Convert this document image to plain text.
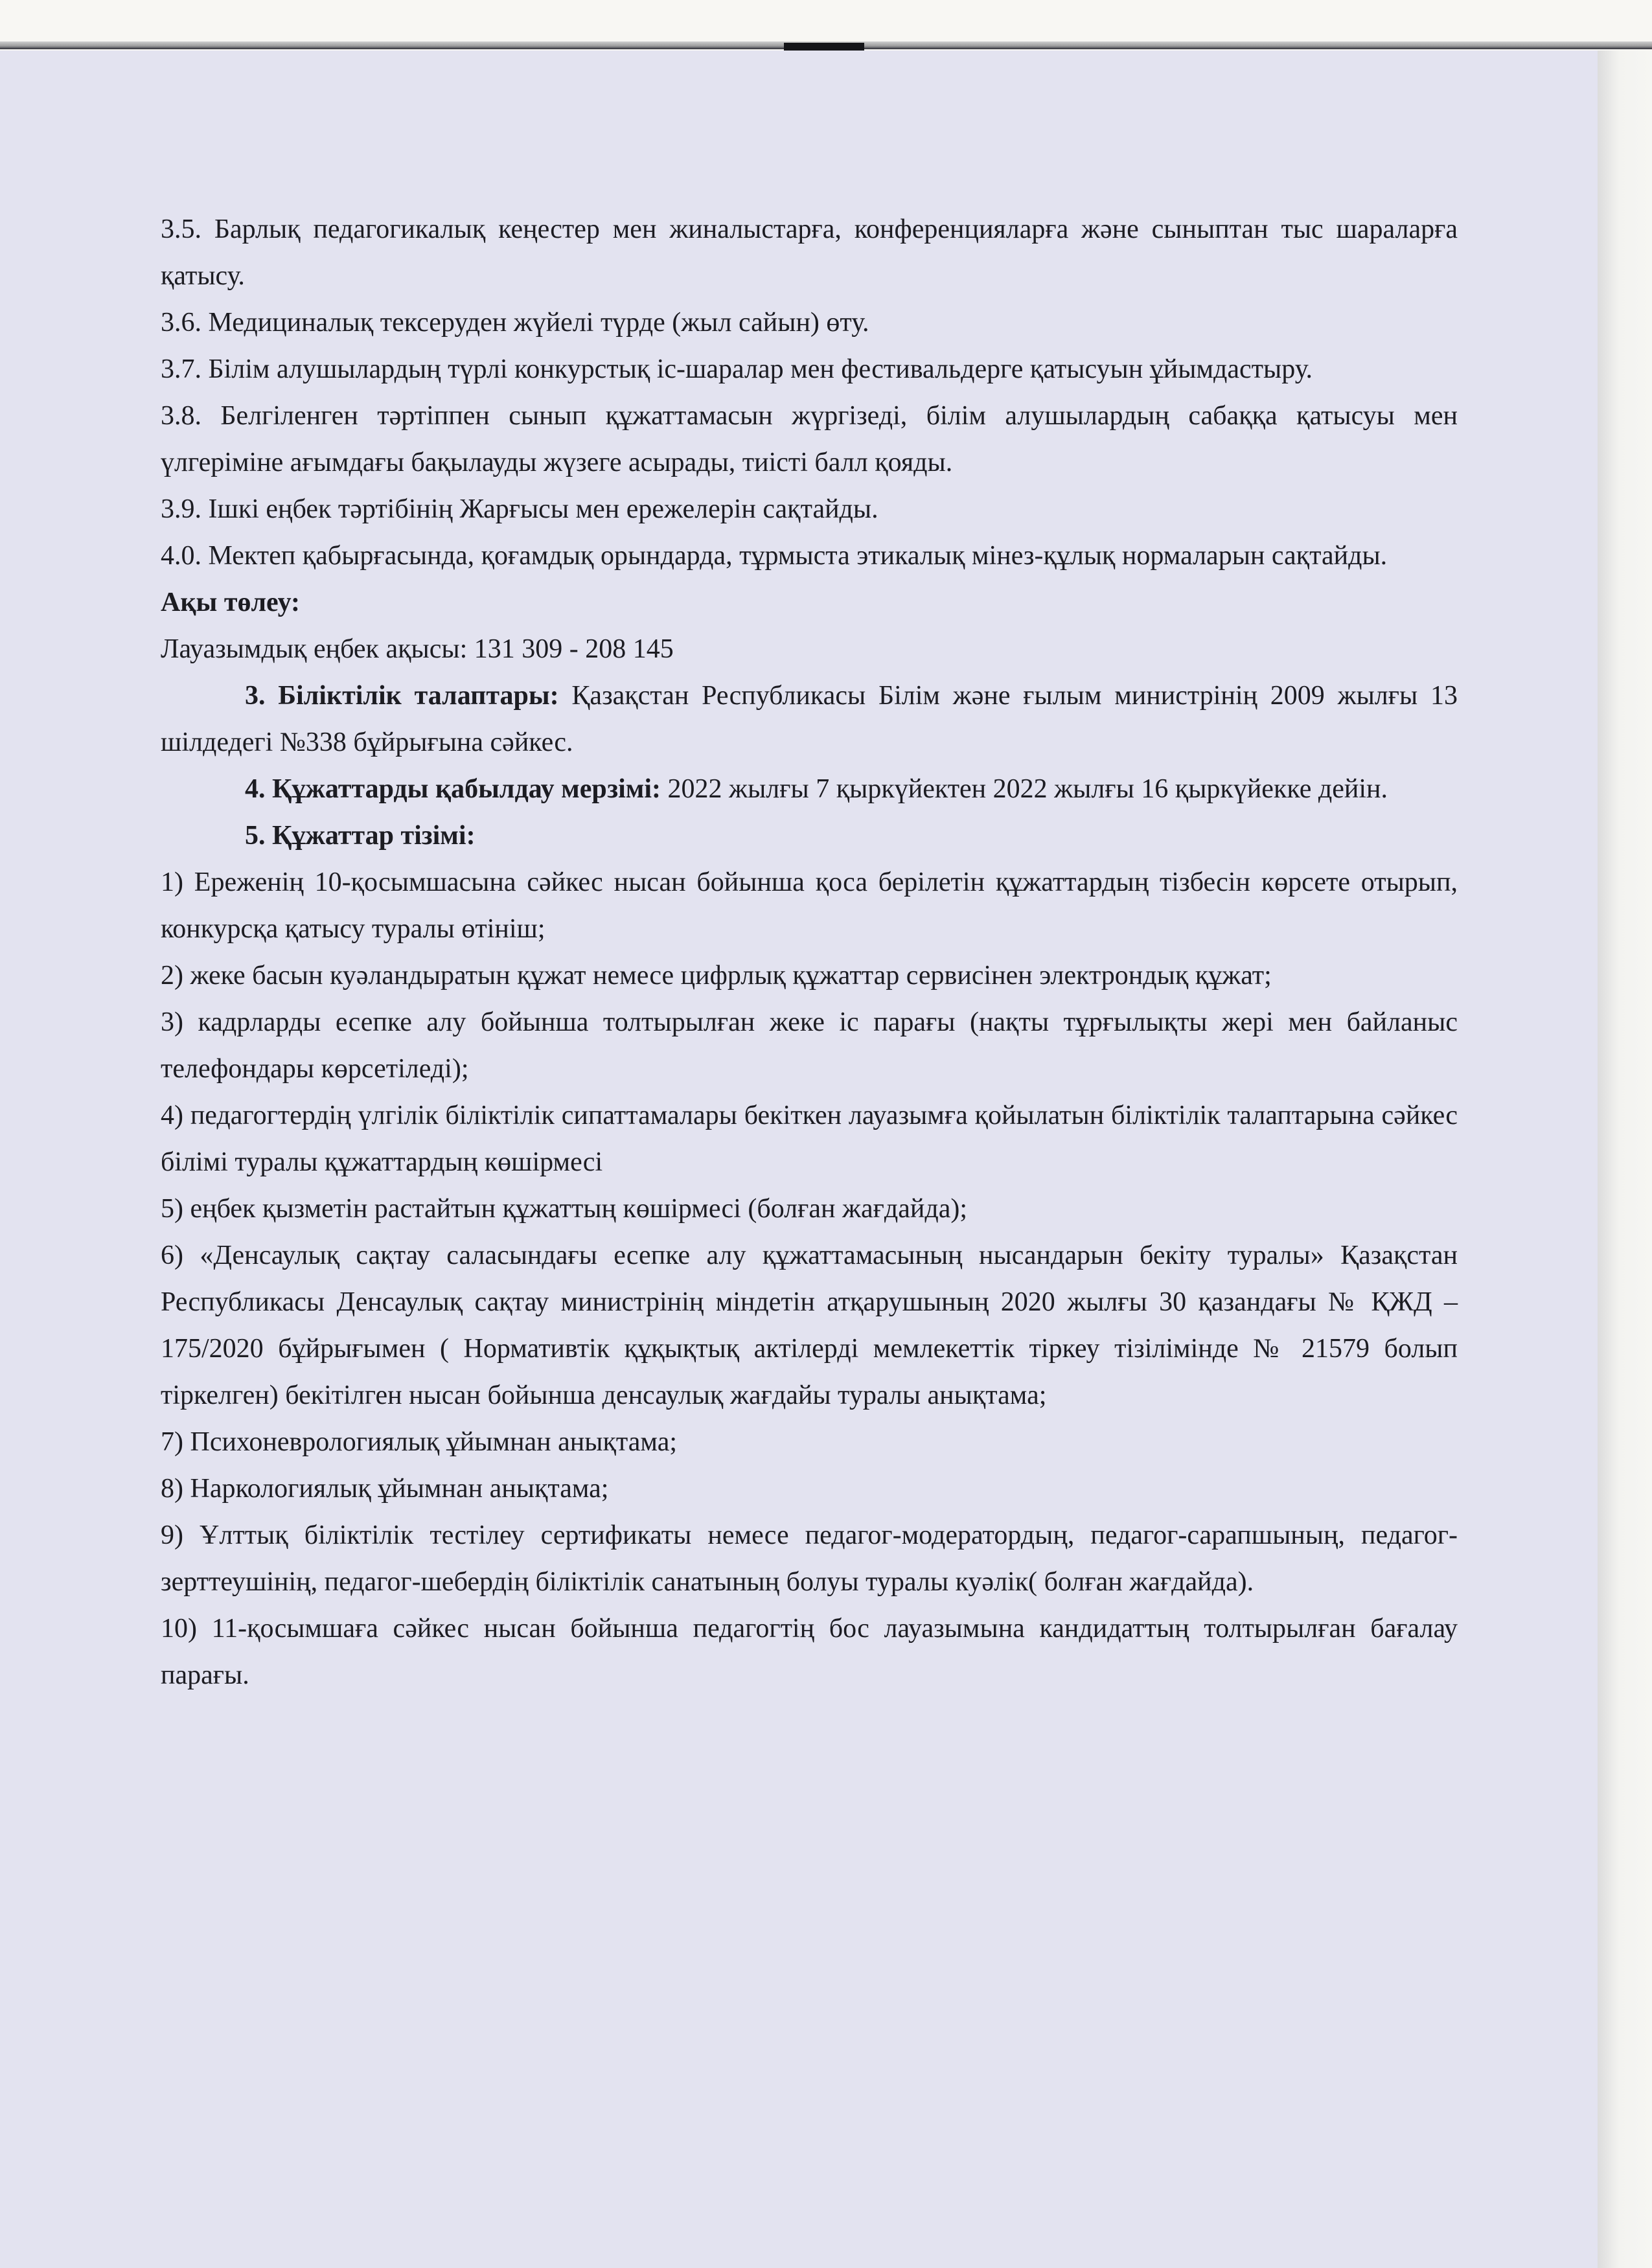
3.5. Барлық педагогикалық кеңестер мен жиналыстарға, конференцияларға және сыныптан тыс шараларға қатысу.

3.6. Медициналық тексеруден жүйелі түрде (жыл сайын) өту.

3.7. Білім алушылардың түрлі конкурстық іс-шаралар мен фестивальдерге қатысуын ұйымдастыру.

3.8. Белгіленген тәртіппен сынып құжаттамасын жүргізеді, білім алушылардың сабаққа қатысуы мен үлгеріміне ағымдағы бақылауды жүзеге асырады, тиісті балл қояды.

3.9. Ішкі еңбек тәртібінің Жарғысы мен ережелерін сақтайды.

4.0. Мектеп қабырғасында, қоғамдық орындарда, тұрмыста этикалық мінез-құлық нормаларын сақтайды.

Ақы төлеу:

Лауазымдық еңбек ақысы: 131 309 - 208 145

3. Біліктілік талаптары: Қазақстан Республикасы Білім және ғылым министрінің 2009 жылғы 13 шілдедегі №338 бұйрығына сәйкес.

4. Құжаттарды қабылдау мерзімі: 2022 жылғы 7 қыркүйектен 2022 жылғы 16 қыркүйекке дейін.

5. Құжаттар тізімі:

1) Ереженің 10-қосымшасына сәйкес нысан бойынша қоса берілетін құжаттардың тізбесін көрсете отырып, конкурсқа қатысу туралы өтініш;

2) жеке басын куәландыратын құжат немесе цифрлық құжаттар сервисінен электрондық құжат;

3) кадрларды есепке алу бойынша толтырылған жеке іс парағы (нақты тұрғылықты жері мен байланыс телефондары көрсетіледі);

4) педагогтердің үлгілік біліктілік сипаттамалары бекіткен лауазымға қойылатын біліктілік талаптарына сәйкес білімі туралы құжаттардың көшірмесі

5) еңбек қызметін растайтын құжаттың көшірмесі (болған жағдайда);

6) «Денсаулық сақтау саласындағы есепке алу құжаттамасының нысандарын бекіту туралы» Қазақстан Республикасы Денсаулық сақтау министрінің міндетін атқарушының 2020 жылғы 30 қазандағы № ҚЖД – 175/2020 бұйрығымен ( Нормативтік құқықтық актілерді мемлекеттік тіркеу тізілімінде № 21579 болып тіркелген) бекітілген нысан бойынша денсаулық жағдайы туралы анықтама;

7) Психоневрологиялық ұйымнан анықтама;

8) Наркологиялық ұйымнан анықтама;

9) Ұлттық біліктілік тестілеу сертификаты немесе педагог-модератордың, педагог-сарапшының, педагог-зерттеушінің, педагог-шебердің біліктілік санатының болуы туралы куәлік( болған жағдайда).

10) 11-қосымшаға сәйкес нысан бойынша педагогтің бос лауазымына кандидаттың толтырылған бағалау парағы.
